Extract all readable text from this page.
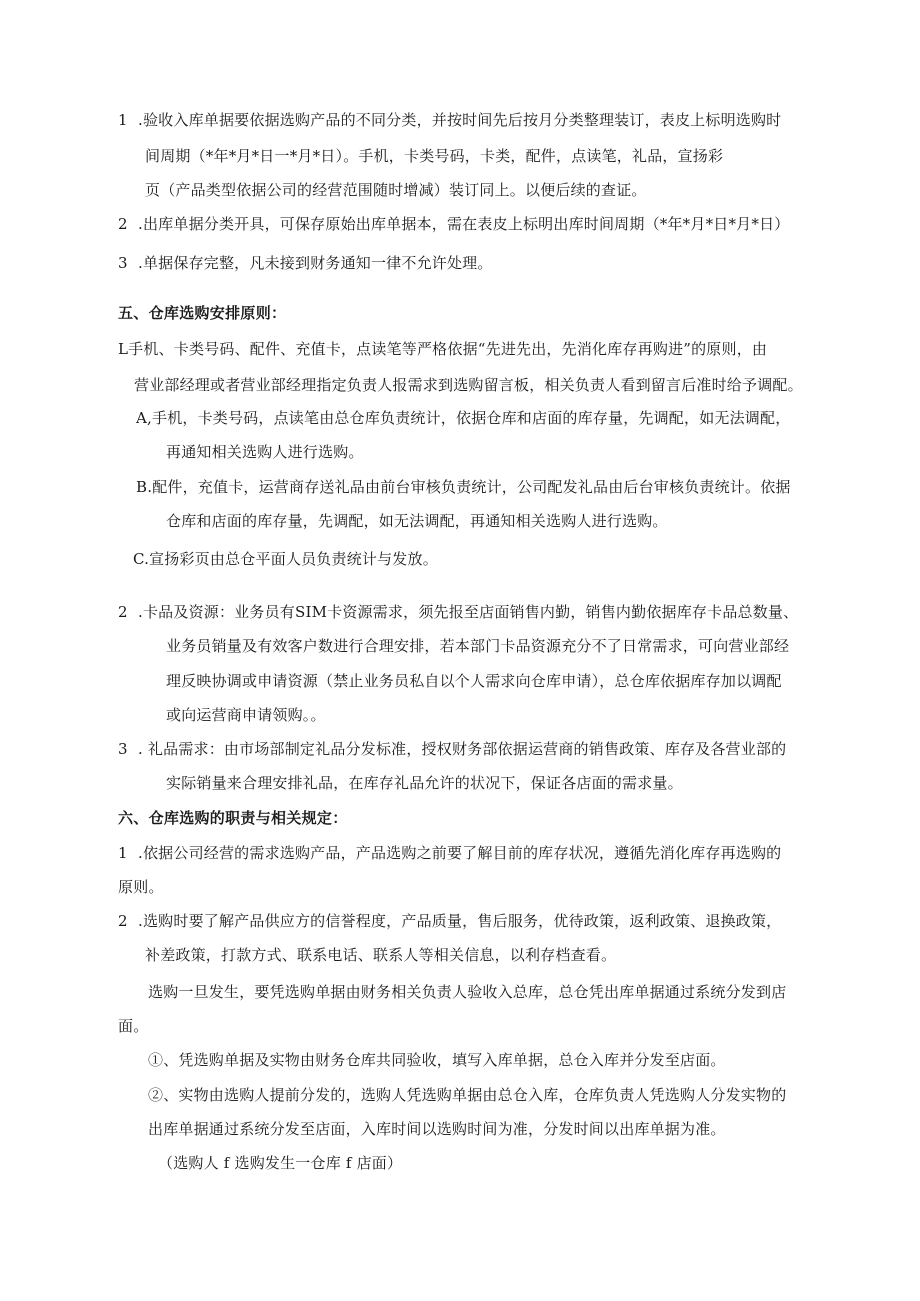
1 .验收入库单据要依据选购产品的不同分类，并按时间先后按月分类整理装订，表皮上标明选购时
间周期（*年*月*日一*月*日）。手机，卡类号码，卡类，配件，点读笔，礼品，宣扬彩
页（产品类型依据公司的经营范围随时增减）装订同上。以便后续的查证。
2 .出库单据分类开具，可保存原始出库单据本，需在表皮上标明出库时间周期（*年*月*日*月*日）
3 .单据保存完整，凡未接到财务通知一律不允许处理。
五、仓库选购安排原则：
L手机、卡类号码、配件、充值卡，点读笔等严格依据“先进先出，先消化库存再购进”的原则，由
营业部经理或者营业部经理指定负责人报需求到选购留言板，相关负责人看到留言后准时给予调配。
A,手机，卡类号码，点读笔由总仓库负责统计，依据仓库和店面的库存量，先调配，如无法调配，
再通知相关选购人进行选购。
B.配件，充值卡，运营商存送礼品由前台审核负责统计，公司配发礼品由后台审核负责统计。依据
仓库和店面的库存量，先调配，如无法调配，再通知相关选购人进行选购。
C.宣扬彩页由总仓平面人员负责统计与发放。
2 .卡品及资源：业务员有SIM卡资源需求，须先报至店面销售内勤，销售内勤依据库存卡品总数量、
业务员销量及有效客户数进行合理安排，若本部门卡品资源充分不了日常需求，可向营业部经
理反映协调或申请资源（禁止业务员私自以个人需求向仓库申请），总仓库依据库存加以调配
或向运营商申请领购。。
3 . 礼品需求：由市场部制定礼品分发标准，授权财务部依据运营商的销售政策、库存及各营业部的
实际销量来合理安排礼品，在库存礼品允许的状况下，保证各店面的需求量。
六、仓库选购的职责与相关规定：
1 .依据公司经营的需求选购产品，产品选购之前要了解目前的库存状况，遵循先消化库存再选购的
原则。
2 .选购时要了解产品供应方的信誉程度，产品质量，售后服务，优待政策，返利政策、退换政策，
补差政策，打款方式、联系电话、联系人等相关信息，以利存档查看。
选购一旦发生，要凭选购单据由财务相关负责人验收入总库，总仓凭出库单据通过系统分发到店
面。
①、凭选购单据及实物由财务仓库共同验收，填写入库单据，总仓入库并分发至店面。
②、实物由选购人提前分发的，选购人凭选购单据由总仓入库，仓库负责人凭选购人分发实物的
出库单据通过系统分发至店面，入库时间以选购时间为准，分发时间以出库单据为准。
（选购人 f 选购发生一仓库 f 店面）
